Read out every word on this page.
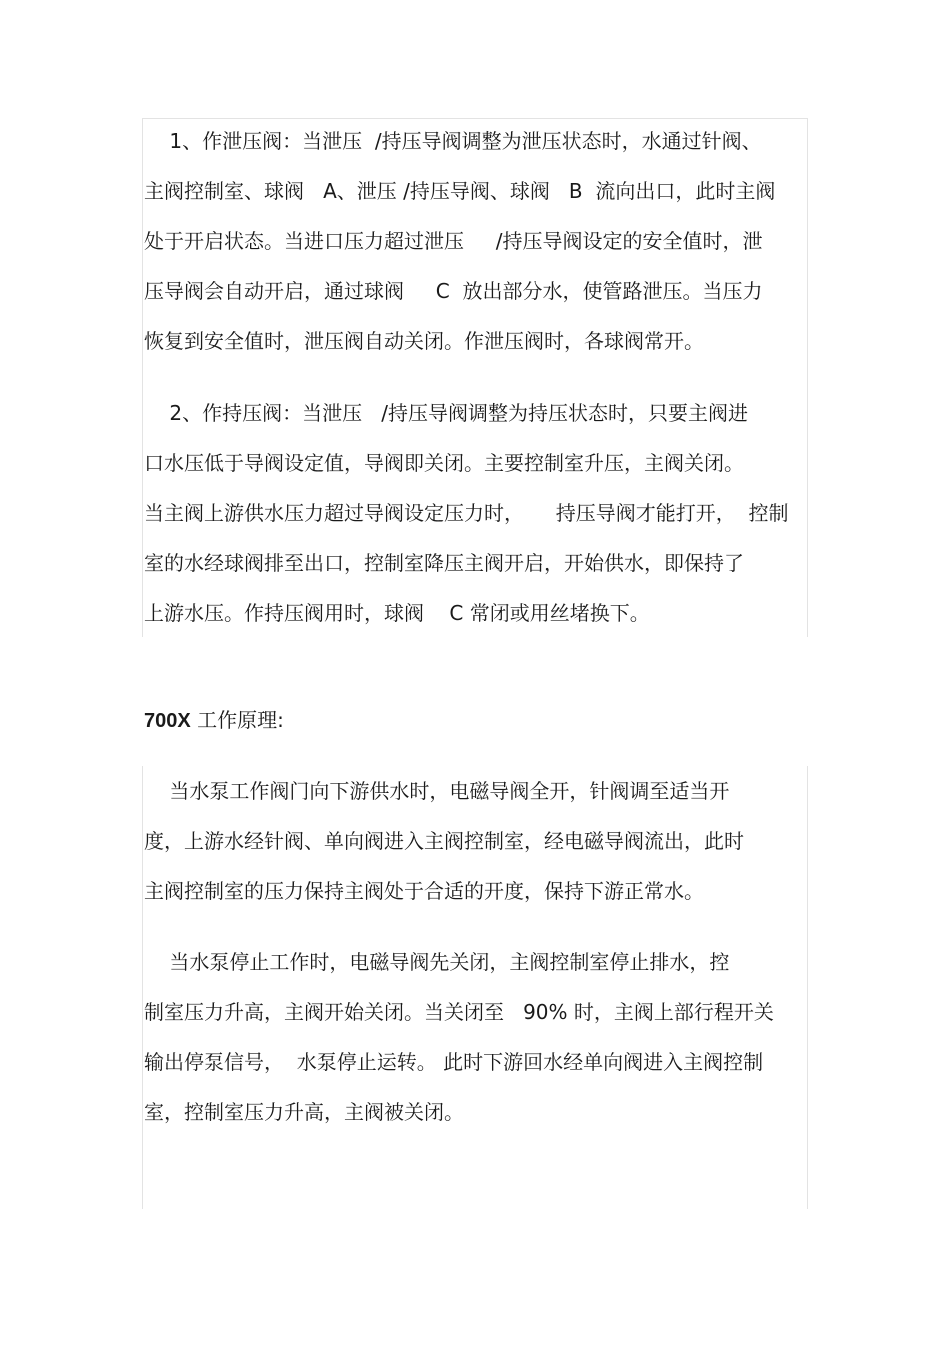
1、作泄压阀：当泄压  /持压导阀调整为泄压状态时，水通过针阀、

主阀控制室、球阀   A、泄压 /持压导阀、球阀   B  流向出口，此时主阀

处于开启状态。当进口压力超过泄压     /持压导阀设定的安全值时，泄

压导阀会自动开启，通过球阀     C  放出部分水，使管路泄压。当压力

恢复到安全值时，泄压阀自动关闭。作泄压阀时，各球阀常开。

2、作持压阀：当泄压   /持压导阀调整为持压状态时，只要主阀进

口水压低于导阀设定值，导阀即关闭。主要控制室升压，主阀关闭。

当主阀上游供水压力超过导阀设定压力时，     持压导阀才能打开，  控制

室的水经球阀排至出口，控制室降压主阀开启，开始供水，即保持了

上游水压。作持压阀用时，球阀    C 常闭或用丝堵换下。

700X 工作原理:

当水泵工作阀门向下游供水时，电磁导阀全开，针阀调至适当开

度，上游水经针阀、单向阀进入主阀控制室，经电磁导阀流出，此时

主阀控制室的压力保持主阀处于合适的开度，保持下游正常水。

当水泵停止工作时，电磁导阀先关闭，主阀控制室停止排水，控

制室压力升高，主阀开始关闭。当关闭至   90% 时，主阀上部行程开关

输出停泵信号，  水泵停止运转。 此时下游回水经单向阀进入主阀控制

室，控制室压力升高，主阀被关闭。
